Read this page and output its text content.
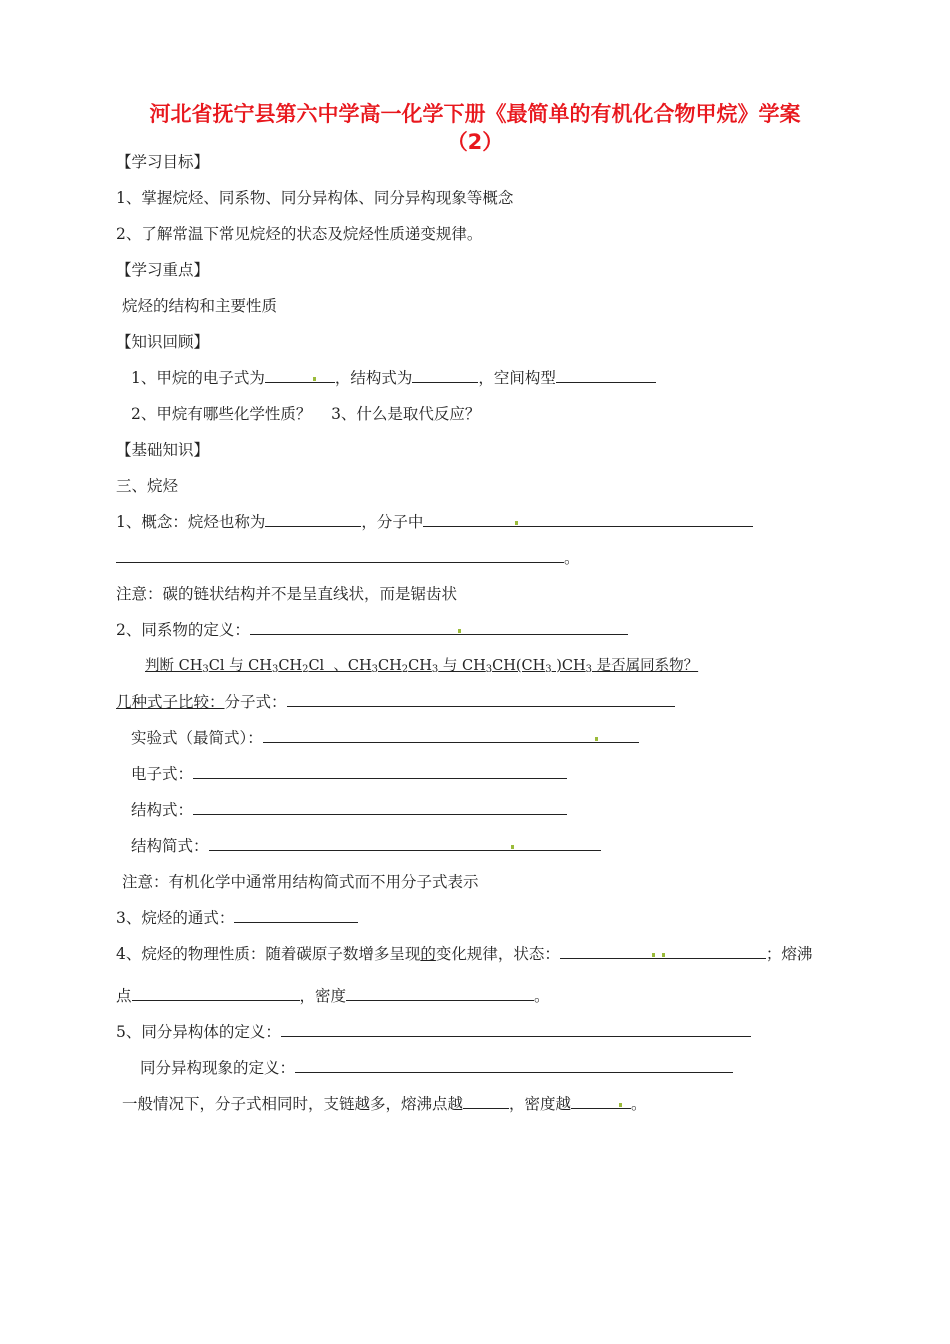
河北省抚宁县第六中学高一化学下册《最简单的有机化合物甲烷》学案
（2）
【学习目标】
1、掌握烷烃、同系物、同分异构体、同分异构现象等概念
2、了解常温下常见烷烃的状态及烷烃性质递变规律。
【学习重点】
烷烃的结构和主要性质
【知识回顾】
1、甲烷的电子式为	，结构式为	，空间构型
2、甲烷有哪些化学性质？    3、什么是取代反应？
【基础知识】
三、烷烃
1、概念：烷烃也称为	，分子中
。
注意：碳的链状结构并不是呈直线状，而是锯齿状
2、同系物的定义：
判断 $CH_3Cl$ 与 $CH_3CH_2Cl$  、$CH_3CH_2CH_3$ 与 $CH_3CH(CH_3$ )$CH_3$ 是否属同系物？
几种式子比较：分子式：
实验式（最简式）：
电子式：
结构式：
结构简式：
注意：有机化学中通常用结构简式而不用分子式表示
3、烷烃的通式：
4、烷烃的物理性质：随着碳原子数增多呈现的变化规律，状态：	；熔沸
点	，密度	。
5、同分异构体的定义：
同分异构现象的定义：
一般情况下，分子式相同时，支链越多，熔沸点越	，密度越	。
